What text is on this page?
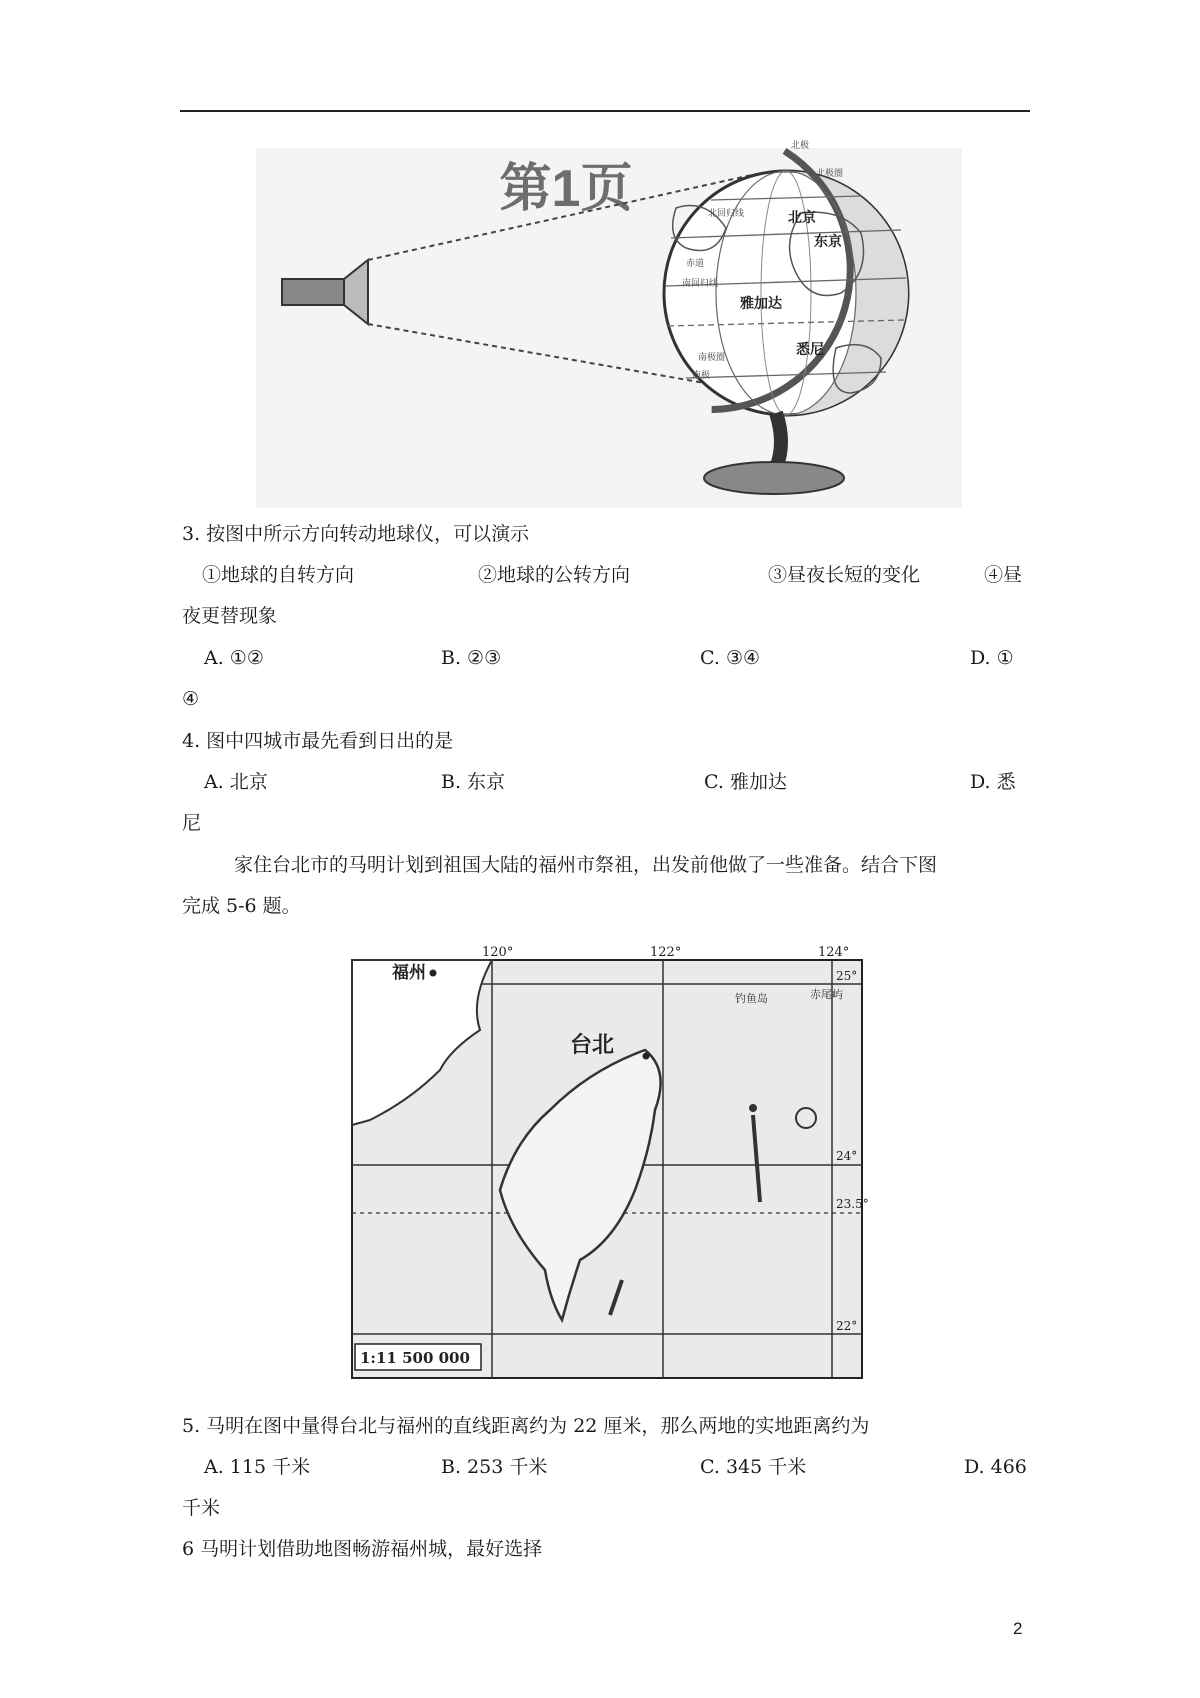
第1页
北极
北极圈
北回归线
赤道
南回归线
南极圈
南极
北京
东京
雅加达
悉尼
3. 按图中所示方向转动地球仪，可以演示
①地球的自转方向	②地球的公转方向	③昼夜长短的变化	④昼
夜更替现象
A. ①②	B. ②③	C. ③④	D. ①
④
4. 图中四城市最先看到日出的是
A. 北京	B. 东京	C. 雅加达	D. 悉
尼
家住台北市的马明计划到祖国大陆的福州市祭祖，出发前他做了一些准备。结合下图
完成 5-6 题。
120°	122°	124°
25°
24°
23.5°
22°
福州
台北
钓鱼岛	赤尾屿
1:11 500 000
5. 马明在图中量得台北与福州的直线距离约为 22 厘米，那么两地的实地距离约为
A. 115 千米	B. 253 千米	C. 345 千米	D. 466
千米
6 马明计划借助地图畅游福州城，最好选择
2
